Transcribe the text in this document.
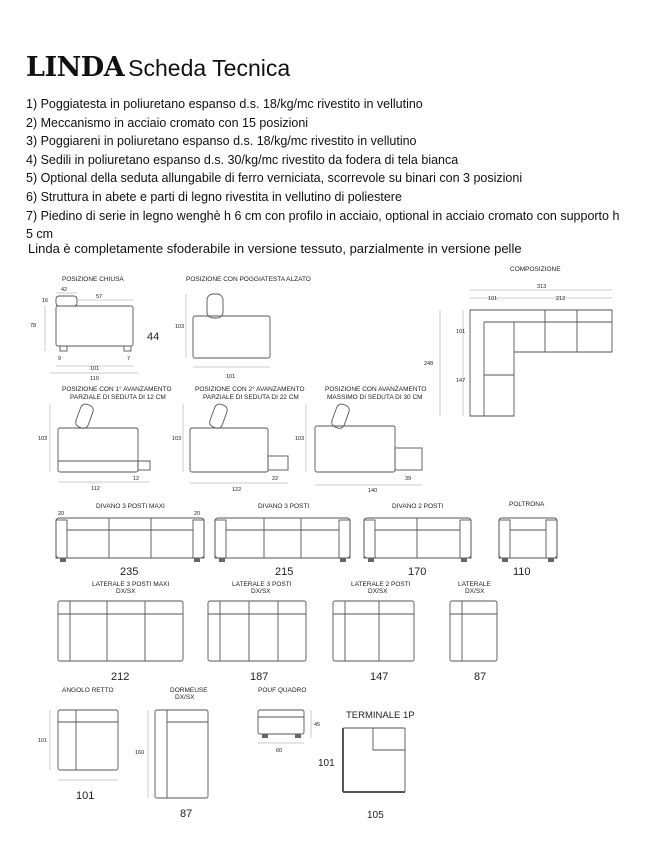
LINDA Scheda Tecnica
1) Poggiatesta in poliuretano espanso d.s. 18/kg/mc rivestito in vellutino
2) Meccanismo in acciaio cromato con 15 posizioni
3) Poggiareni in poliuretano espanso d.s. 18/kg/mc rivestito in vellutino
4) Sedili in poliuretano espanso d.s. 30/kg/mc rivestito da fodera di tela bianca
5) Optional della seduta allungabile di ferro verniciata, scorrevole su binari con 3 posizioni
6) Struttura in abete e parti di legno rivestita in vellutino di poliestere
7) Piedino di serie in legno wenghè h 6 cm con profilo in acciaio, optional in acciaio cromato con supporto h 5 cm
Linda è completamente sfoderabile in versione tessuto, parzialmente in versione pelle
POSIZIONE CHIUSA
42
57
16
78
9	7
101
110
44
POSIZIONE CON POGGIATESTA ALZATO
103
101
COMPOSIZIONE
313
101	212
101
147
248
POSIZIONE CON 1° AVANZAMENTO PARZIALE DI SEDUTA DI 12 CM
103
12
112
POSIZIONE CON 2° AVANZAMENTO PARZIALE DI SEDUTA DI 22 CM
103
22
122
POSIZIONE CON AVANZAMENTO MASSIMO DI SEDUTA DI 30 CM
103
39
140
DIVANO 3 POSTI MAXI
20	20
235
DIVANO 3 POSTI
215
DIVANO 2 POSTI
170
POLTRONA
110
LATERALE 3 POSTI MAXI DX/SX
212
LATERALE 3 POSTI DX/SX
187
LATERALE 2 POSTI DX/SX
147
LATERALE DX/SX
87
ANGOLO RETTO
101
101
DORMEUSE DX/SX
160
87
POUF QUADRO
45
60
TERMINALE 1P
101
105
